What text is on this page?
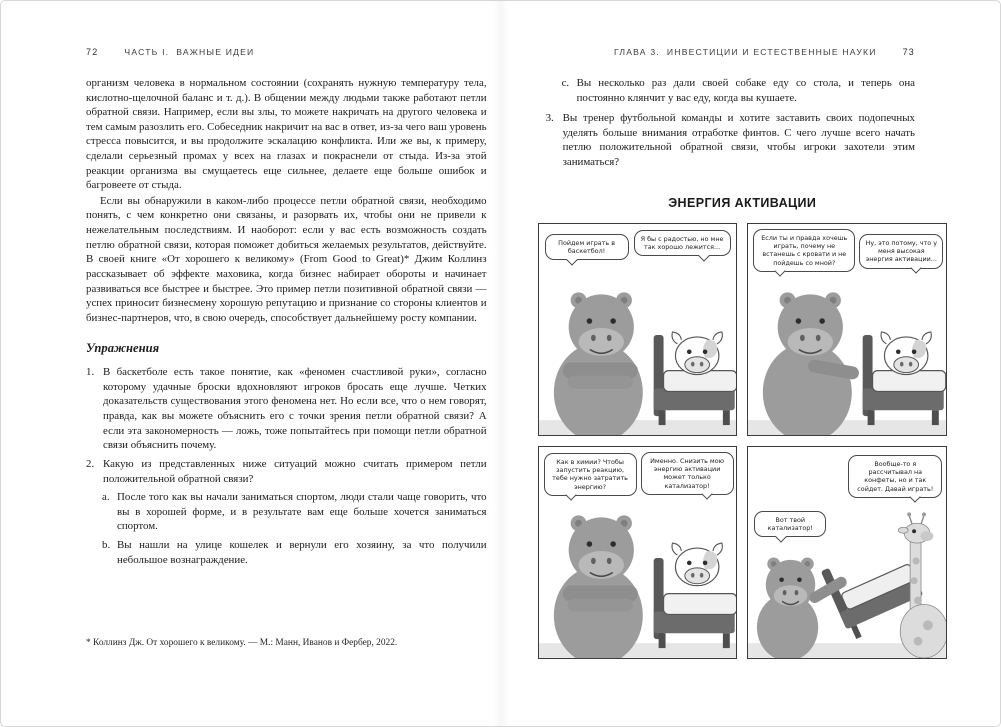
72	ЧАСТЬ I. ВАЖНЫЕ ИДЕИ

организм человека в нормальном состоянии (сохранять нужную температуру тела, кислотно-щелочной баланс и т. д.). В общении между людьми также работают петли обратной связи. Например, если вы злы, то можете накричать на другого человека и тем самым разозлить его. Собеседник накричит на вас в ответ, из-за чего ваш уровень стресса повысится, и вы продолжите эскалацию конфликта. Или же вы, к примеру, сделали серьезный промах у всех на глазах и покраснели от стыда. Из-за этой реакции организма вы смущаетесь еще сильнее, делаете еще больше ошибок и багровеете от стыда.

Если вы обнаружили в каком-либо процессе петли обратной связи, необходимо понять, с чем конкретно они связаны, и разорвать их, чтобы они не привели к нежелательным последствиям. И наоборот: если у вас есть возможность создать петлю обратной связи, которая поможет добиться желаемых результатов, действуйте. В своей книге «От хорошего к великому» (From Good to Great)* Джим Коллинз рассказывает об эффекте маховика, когда бизнес набирает обороты и начинает развиваться все быстрее и быстрее. Это пример петли позитивной обратной связи — успех приносит бизнесмену хорошую репутацию и признание со стороны клиентов и бизнес-партнеров, что, в свою очередь, способствует дальнейшему росту компании.

Упражнения
1. В баскетболе есть такое понятие, как «феномен счастливой руки», согласно которому удачные броски вдохновляют игроков бросать еще лучше. Четких доказательств существования этого феномена нет. Но если все, что о нем говорят, правда, как вы можете объяснить его с точки зрения петли обратной связи? А если эта закономерность — ложь, тоже попытайтесь при помощи петли обратной связи объяснить почему.
2. Какую из представленных ниже ситуаций можно считать примером петли положительной обратной связи?
a. После того как вы начали заниматься спортом, люди стали чаще говорить, что вы в хорошей форме, и в результате вам еще больше хочется заниматься спортом.
b. Вы нашли на улице кошелек и вернули его хозяину, за что получили небольшое вознаграждение.
* Коллинз Дж. От хорошего к великому. — М.: Манн, Иванов и Фербер, 2022.
ГЛАВА 3. ИНВЕСТИЦИИ И ЕСТЕСТВЕННЫЕ НАУКИ	73
c. Вы несколько раз дали своей собаке еду со стола, и теперь она постоянно клянчит у вас еду, когда вы кушаете.
3. Вы тренер футбольной команды и хотите заставить своих подопечных уделять больше внимания отработке финтов. С чего лучше всего начать петлю положительной обратной связи, чтобы игроки захотели этим заниматься?
ЭНЕРГИЯ АКТИВАЦИИ
Пойдем играть в баскетбол!
Я бы с радостью, но мне так хорошо лежится...
Если ты и правда хочешь играть, почему не встанешь с кровати и не пойдешь со мной?
Ну, это потому, что у меня высокая энергия активации...
Как в химии? Чтобы запустить реакцию, тебе нужно затратить энергию?
Именно. Снизить мою энергию активации может только катализатор!
Вот твой катализатор!
Вообще-то я рассчитывал на конфеты, но и так сойдет. Давай играть!
